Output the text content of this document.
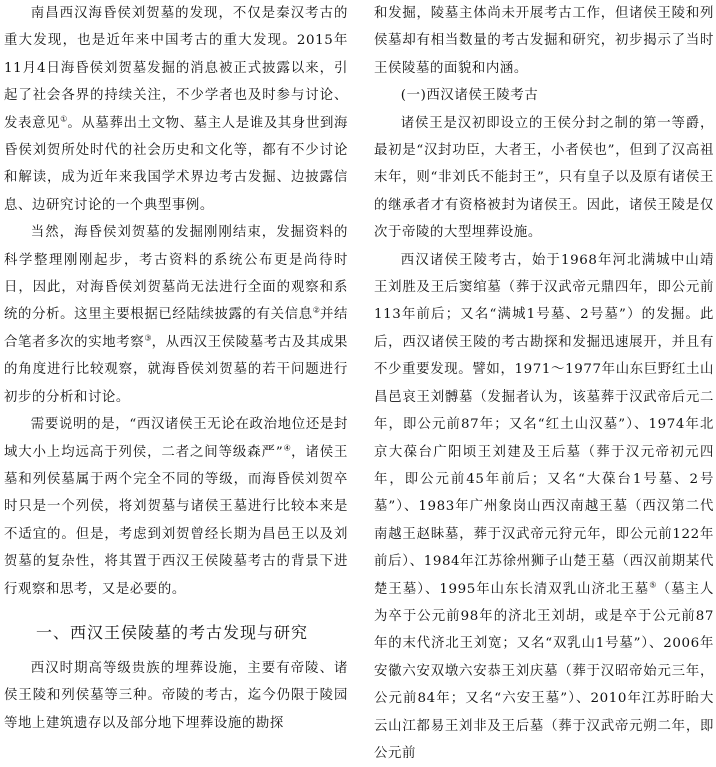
南昌西汉海昏侯刘贺墓的发现，不仅是秦汉考古的重大发现，也是近年来中国考古的重大发现。2015年11月4日海昏侯刘贺墓发掘的消息被正式披露以来，引起了社会各界的持续关注，不少学者也及时参与讨论、发表意见①。从墓葬出土文物、墓主人是谁及其身世到海昏侯刘贺所处时代的社会历史和文化等，都有不少讨论和解读，成为近年来我国学术界边考古发掘、边披露信息、边研究讨论的一个典型事例。

当然，海昏侯刘贺墓的发掘刚刚结束，发掘资料的科学整理刚刚起步，考古资料的系统公布更是尚待时日，因此，对海昏侯刘贺墓尚无法进行全面的观察和系统的分析。这里主要根据已经陆续披露的有关信息②并结合笔者多次的实地考察③，从西汉王侯陵墓考古及其成果的角度进行比较观察，就海昏侯刘贺墓的若干问题进行初步的分析和讨论。

需要说明的是，“西汉诸侯王无论在政治地位还是封域大小上均远高于列侯，二者之间等级森严”④，诸侯王墓和列侯墓属于两个完全不同的等级，而海昏侯刘贺卒时只是一个列侯，将刘贺墓与诸侯王墓进行比较本来是不适宜的。但是，考虑到刘贺曾经长期为昌邑王以及刘贺墓的复杂性，将其置于西汉王侯陵墓考古的背景下进行观察和思考，又是必要的。

一、西汉王侯陵墓的考古发现与研究

西汉时期高等级贵族的埋葬设施，主要有帝陵、诸侯王陵和列侯墓等三种。帝陵的考古，迄今仍限于陵园等地上建筑遗存以及部分地下埋葬设施的勘探

和发掘，陵墓主体尚未开展考古工作，但诸侯王陵和列侯墓却有相当数量的考古发掘和研究，初步揭示了当时王侯陵墓的面貌和内涵。

(一)西汉诸侯王陵考古

诸侯王是汉初即设立的王侯分封之制的第一等爵，最初是“汉封功臣，大者王，小者侯也”，但到了汉高祖末年，则“非刘氏不能封王”，只有皇子以及原有诸侯王的继承者才有资格被封为诸侯王。因此，诸侯王陵是仅次于帝陵的大型埋葬设施。

西汉诸侯王陵考古，始于1968年河北满城中山靖王刘胜及王后窦绾墓（葬于汉武帝元鼎四年，即公元前113年前后；又名“满城1号墓、2号墓”）的发掘。此后，西汉诸侯王陵的考古勘探和发掘迅速展开，并且有不少重要发现。譬如，1971～1977年山东巨野红土山昌邑哀王刘髆墓（发掘者认为，该墓葬于汉武帝后元二年，即公元前87年；又名“红土山汉墓”）、1974年北京大葆台广阳顷王刘建及王后墓（葬于汉元帝初元四年，即公元前45年前后；又名“大葆台1号墓、2号墓”）、1983年广州象岗山西汉南越王墓（西汉第二代南越王赵眛墓，葬于汉武帝元狩元年，即公元前122年前后）、1984年江苏徐州狮子山楚王墓（西汉前期某代楚王墓）、1995年山东长清双乳山济北王墓⑤（墓主人为卒于公元前98年的济北王刘胡，或是卒于公元前87年的末代济北王刘宽；又名“双乳山1号墓”）、2006年安徽六安双墩六安恭王刘庆墓（葬于汉昭帝始元三年，公元前84年；又名“六安王墓”）、2010年江苏盱眙大云山江都易王刘非及王后墓（葬于汉武帝元朔二年，即公元前
